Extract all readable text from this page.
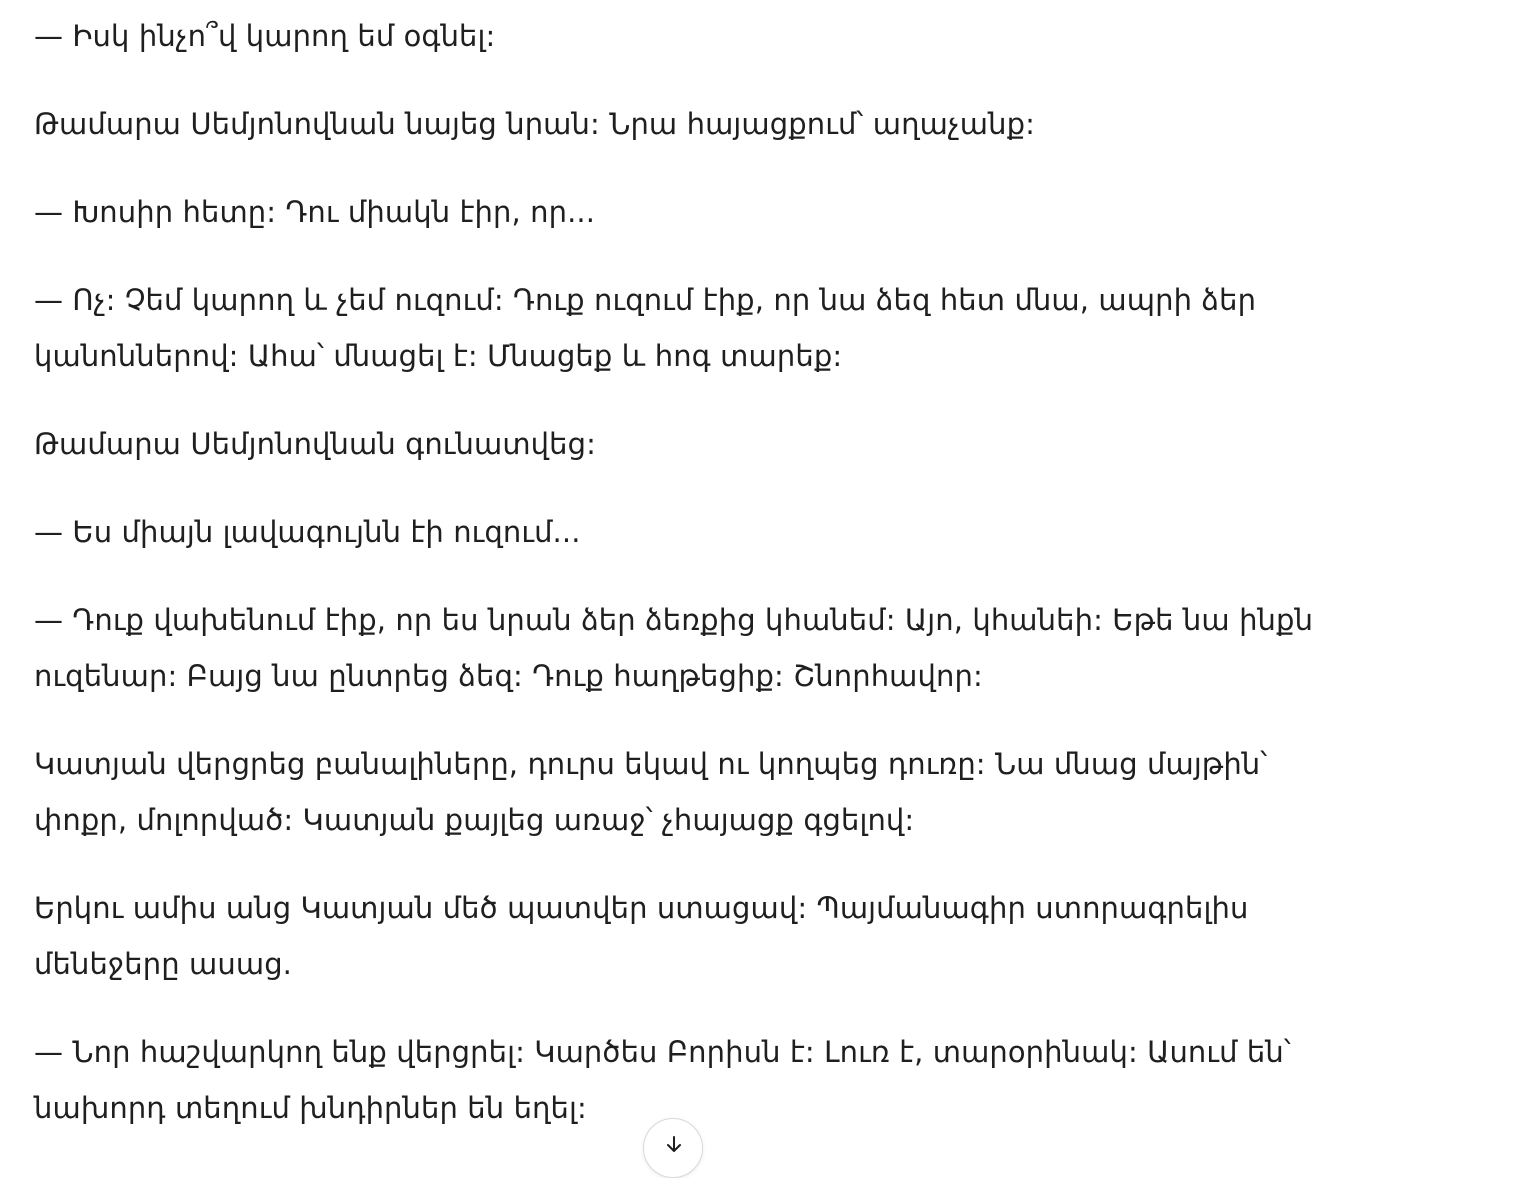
— Իսկ ինչո՞վ կարող եմ օգնել:

Թամարա Սեմյոնովնան նայեց նրան: Նրա հայացքում՝ աղաչանք:

— Խոսիր հետը: Դու միակն էիր, որ...

— Ոչ: Չեմ կարող և չեմ ուզում: Դուք ուզում էիք, որ նա ձեզ հետ մնա, ապրի ձեր կանոններով: Ահա՝ մնացել է: Մնացեք և հոգ տարեք:

Թամարա Սեմյոնովնան գունատվեց:

— Ես միայն լավագույնն էի ուզում...

— Դուք վախենում էիք, որ ես նրան ձեր ձեռքից կհանեմ: Այո, կհանեի: Եթե նա ինքն ուզենար: Բայց նա ընտրեց ձեզ: Դուք հաղթեցիք: Շնորհավոր:

Կատյան վերցրեց բանալիները, դուրս եկավ ու կողպեց դուռը: Նա մնաց մայթին՝ փոքր, մոլորված: Կատյան քայլեց առաջ՝ չհայացք գցելով:

Երկու ամիս անց Կատյան մեծ պատվեր ստացավ: Պայմանագիր ստորագրելիս մենեջերը ասաց.

— Նոր հաշվարկող ենք վերցրել: Կարծես Բորիսն է: Լուռ է, տարօրինակ: Ասում են՝ նախորդ տեղում խնդիրներ են եղել:
